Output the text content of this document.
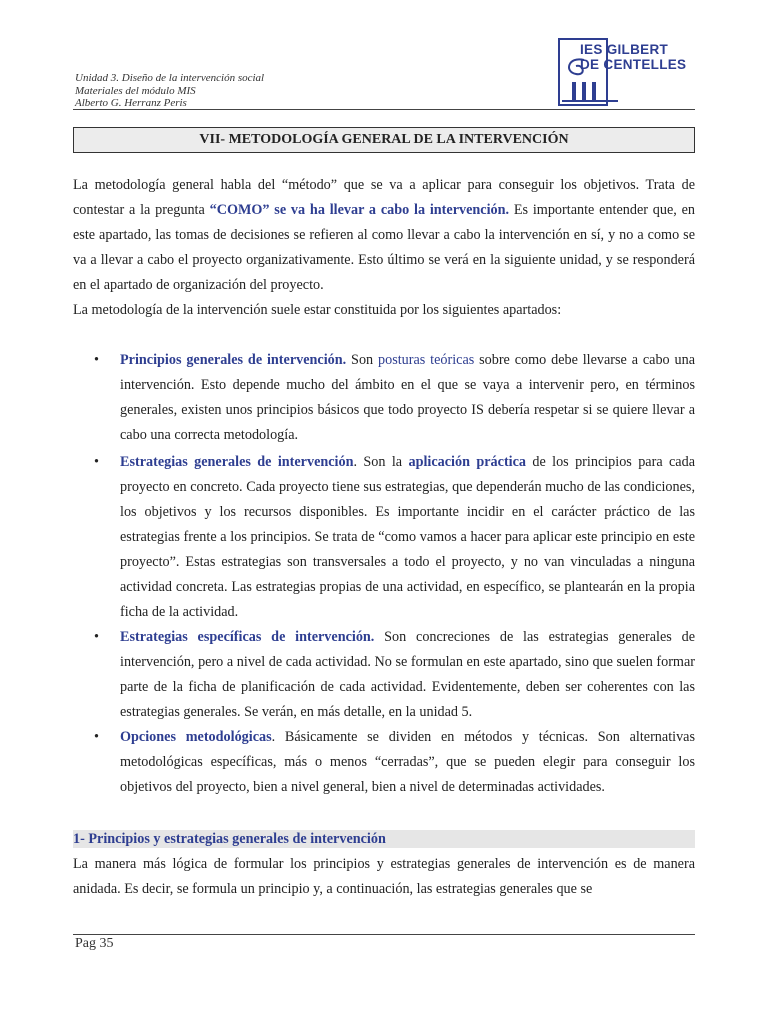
Unidad 3. Diseño de la intervención social
Materiales del módulo MIS
Alberto G. Herranz Peris
IES GILBERT
DE CENTELLES
VII- METODOLOGÍA GENERAL DE LA INTERVENCIÓN
La metodología general habla del “método” que se va a aplicar para conseguir los objetivos. Trata de contestar a la pregunta “COMO” se va ha llevar a cabo la intervención. Es importante entender que, en este apartado, las tomas de decisiones se refieren al como llevar a cabo la intervención en sí, y no a como se va a llevar a cabo el proyecto organizativamente. Esto último se verá en la siguiente unidad, y se responderá en el apartado de organización del proyecto.
La metodología de la intervención suele estar constituida por los siguientes apartados:
• Principios generales de intervención. Son posturas teóricas sobre como debe llevarse a cabo una intervención. Esto depende mucho del ámbito en el que se vaya a intervenir pero, en términos generales, existen unos principios básicos que todo proyecto IS debería respetar si se quiere llevar a cabo una correcta metodología.
• Estrategias generales de intervención. Son la aplicación práctica de los principios para cada proyecto en concreto. Cada proyecto tiene sus estrategias, que dependerán mucho de las condiciones, los objetivos y los recursos disponibles. Es importante incidir en el carácter práctico de las estrategias frente a los principios. Se trata de “como vamos a hacer para aplicar este principio en este proyecto”. Estas estrategias son transversales a todo el proyecto, y no van vinculadas a ninguna actividad concreta. Las estrategias propias de una actividad, en específico, se plantearán en la propia ficha de la actividad.
• Estrategias específicas de intervención. Son concreciones de las estrategias generales de intervención, pero a nivel de cada actividad. No se formulan en este apartado, sino que suelen formar parte de la ficha de planificación de cada actividad. Evidentemente, deben ser coherentes con las estrategias generales. Se verán, en más detalle, en la unidad 5.
• Opciones metodológicas. Básicamente se dividen en métodos y técnicas. Son alternativas metodológicas específicas, más o menos “cerradas”, que se pueden elegir para conseguir los objetivos del proyecto, bien a nivel general, bien a nivel de determinadas actividades.
1- Principios y estrategias generales de intervención
La manera más lógica de formular los principios y estrategias generales de intervención es de manera anidada. Es decir, se formula un principio y, a continuación, las estrategias generales que se
Pag 35
